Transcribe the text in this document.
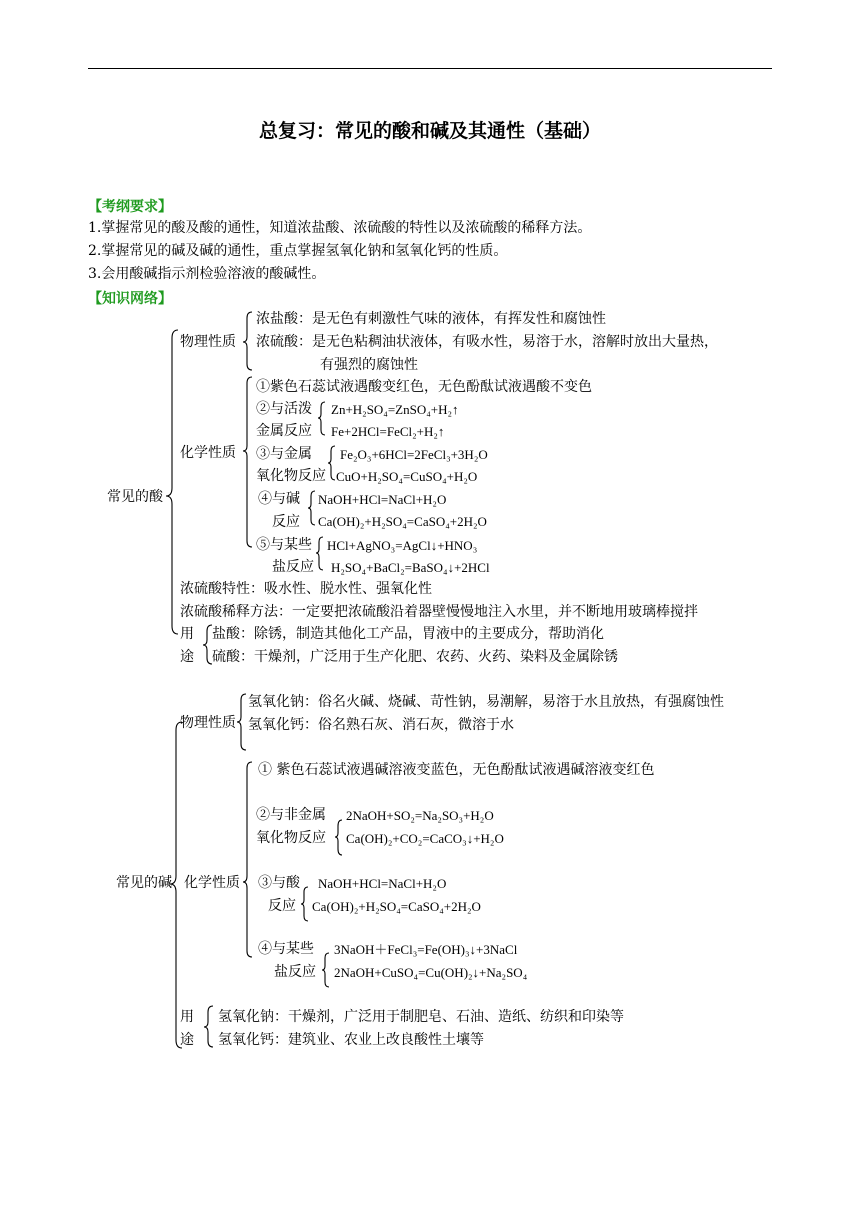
总复习：常见的酸和碱及其通性（基础）
【考纲要求】
1.掌握常见的酸及酸的通性，知道浓盐酸、浓硫酸的特性以及浓硫酸的稀释方法。
2.掌握常见的碱及碱的通性，重点掌握氢氧化钠和氢氧化钙的性质。
3.会用酸碱指示剂检验溶液的酸碱性。
【知识网络】
常见的酸
物理性质
浓盐酸：是无色有刺激性气味的液体，有挥发性和腐蚀性
浓硫酸：是无色粘稠油状液体，有吸水性，易溶于水，溶解时放出大量热，
有强烈的腐蚀性
化学性质
①紫色石蕊试液遇酸变红色，无色酚酞试液遇酸不变色
②与活泼
金属反应
Zn+H₂SO₄=ZnSO₄+H₂↑
Fe+2HCl=FeCl₂+H₂↑
③与金属
氧化物反应
Fe₂O₃+6HCl=2FeCl₃+3H₂O
CuO+H₂SO₄=CuSO₄+H₂O
④与碱
反应
NaOH+HCl=NaCl+H₂O
Ca(OH)₂+H₂SO₄=CaSO₄+2H₂O
⑤与某些
盐反应
HCl+AgNO₃=AgCl↓+HNO₃
H₂SO₄+BaCl₂=BaSO₄↓+2HCl
浓硫酸特性：吸水性、脱水性、强氧化性
浓硫酸稀释方法：一定要把浓硫酸沿着器壁慢慢地注入水里，并不断地用玻璃棒搅拌
用
途
盐酸：除锈，制造其他化工产品，胃液中的主要成分，帮助消化
硫酸：干燥剂，广泛用于生产化肥、农药、火药、染料及金属除锈
常见的碱
物理性质
氢氧化钠：俗名火碱、烧碱、苛性钠，易潮解，易溶于水且放热，有强腐蚀性
氢氧化钙：俗名熟石灰、消石灰，微溶于水
化学性质
① 紫色石蕊试液遇碱溶液变蓝色，无色酚酞试液遇碱溶液变红色
②与非金属
氧化物反应
2NaOH+SO₂=Na₂SO₃+H₂O
Ca(OH)₂+CO₂=CaCO₃↓+H₂O
③与酸
反应
NaOH+HCl=NaCl+H₂O
Ca(OH)₂+H₂SO₄=CaSO₄+2H₂O
④与某些
盐反应
3NaOH＋FeCl₃=Fe(OH)₃↓+3NaCl
2NaOH+CuSO₄=Cu(OH)₂↓+Na₂SO₄
用
途
氢氧化钠：干燥剂，广泛用于制肥皂、石油、造纸、纺织和印染等
氢氧化钙：建筑业、农业上改良酸性土壤等
